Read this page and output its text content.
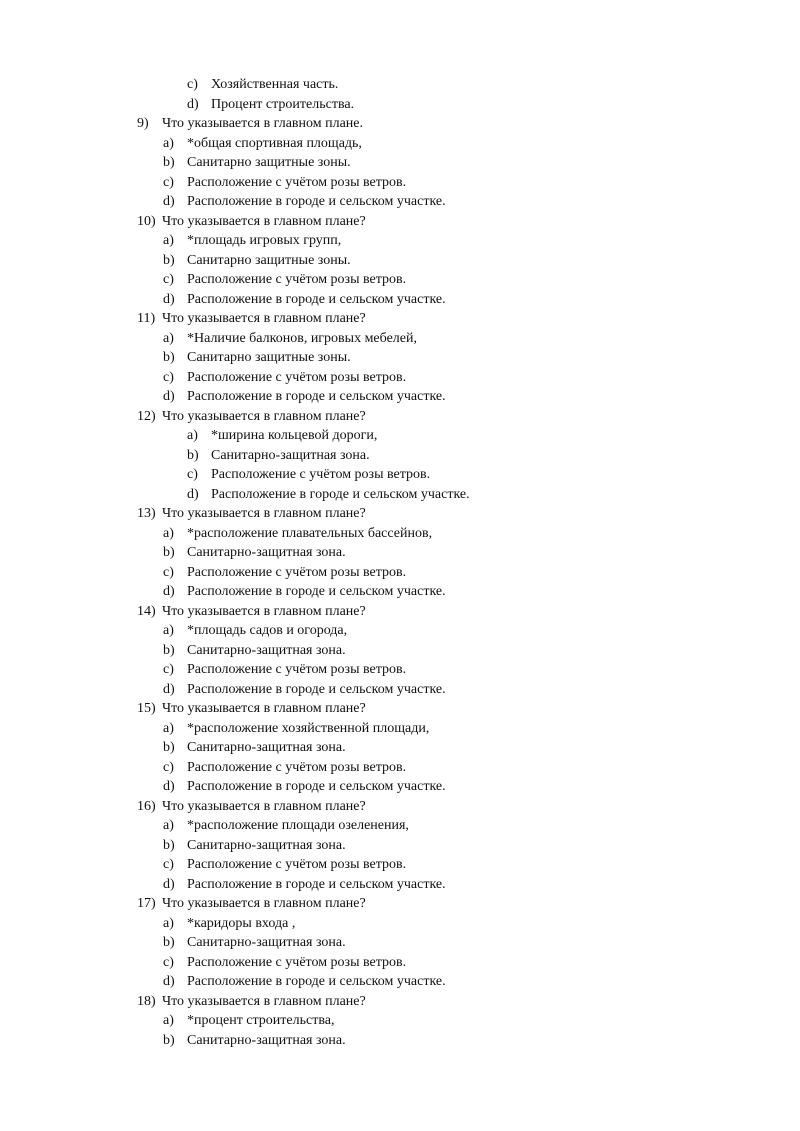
c) Хозяйственная часть.
d) Процент строительства.
9) Что указывается в главном плане.
a) *общая спортивная площадь,
b) Санитарно защитные зоны.
c) Расположение с учётом розы ветров.
d) Расположение в городе и сельском участке.
10) Что указывается в главном плане?
a) *площадь игровых групп,
b) Санитарно защитные зоны.
c) Расположение с учётом розы ветров.
d) Расположение в городе и сельском участке.
11) Что указывается в главном плане?
a) *Наличие балконов, игровых мебелей,
b) Санитарно защитные зоны.
c) Расположение с учётом розы ветров.
d) Расположение в городе и сельском участке.
12) Что указывается в главном плане?
a) *ширина кольцевой дороги,
b) Санитарно-защитная зона.
c) Расположение с учётом розы ветров.
d) Расположение в городе и сельском участке.
13) Что указывается в главном плане?
a) *расположение плавательных бассейнов,
b) Санитарно-защитная зона.
c) Расположение с учётом розы ветров.
d) Расположение в городе и сельском участке.
14) Что указывается в главном плане?
a) *площадь садов и огорода,
b) Санитарно-защитная зона.
c) Расположение с учётом розы ветров.
d) Расположение в городе и сельском участке.
15) Что указывается в главном плане?
a) *расположение хозяйственной площади,
b) Санитарно-защитная зона.
c) Расположение с учётом розы ветров.
d) Расположение в городе и сельском участке.
16) Что указывается в главном плане?
a) *расположение площади озеленения,
b) Санитарно-защитная зона.
c) Расположение с учётом розы ветров.
d) Расположение в городе и сельском участке.
17) Что указывается в главном плане?
a) *каридоры входа ,
b) Санитарно-защитная зона.
c) Расположение с учётом розы ветров.
d) Расположение в городе и сельском участке.
18) Что указывается в главном плане?
a) *процент строительства,
b) Санитарно-защитная зона.
